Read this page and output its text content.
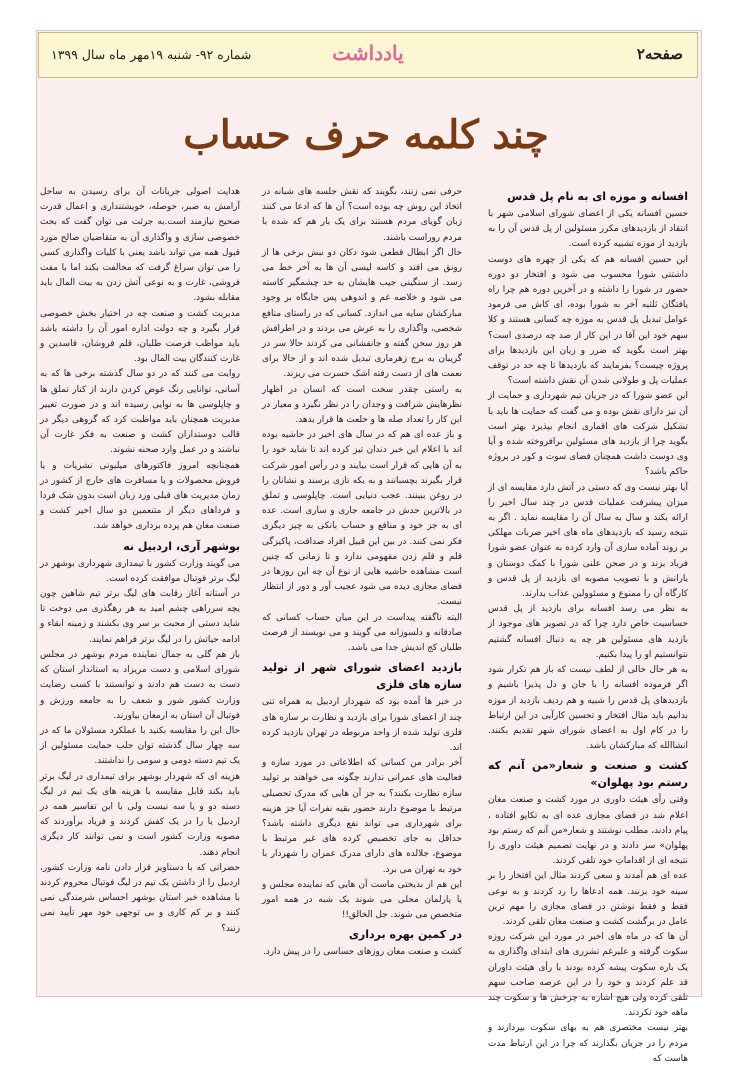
صفحه۲
یادداشت
شماره ۹۲- شنبه ۱۹مهر ماه سال ۱۳۹۹
چند کلمه حرف حساب
افسانه و موزه ای به نام پل قدس

حسین افسانه یکی از اعضای شورای اسلامی شهر با انتقاد از بازدیدهای مکرر مسئولین از پل قدس آن را به بازدید از موزه تشبیه کرده است.

این حسین افسانه هم که یکی از چهره های دوست داشتنی شورا محسوب می شود و افتخار دو دوره حضور در شورا را داشته و در آخرین دوره هم چرا راه یافتگان ثلثیه آخر به شورا بوده، ای کاش می فرمود عوامل تبدیل پل قدس به موزه چه کسانی هستند و کلا سهم خود این آقا در این کار از صد چه درصدی است؟بهتر است بگوید که ضرر و زیان این بازدیدها برای پروژه چیست؟ بفرمایند که بازدیدها تا چه حد در توقف عملیات پل و طولانی شدن آن نقش داشته است؟

این عضو شورا که در جریان تیم شهرداری و حمایت از آن نیز دارای نقش بوده و می گفت که حمایت ها باید با تشکیل شرکت های اقماری انجام بپذیرد بهتر است بگوید چرا از بازدید های مسئولین برافروخته شده و آیا وی دوست داشت همچنان فضای سوت و کور در پروژه حاکم باشد؟

آیا بهتر نیست وی که دستی در آتش دارد مقایسه ای از میزان پیشرفت عملیات قدس در چند سال اخیر را ارائه بکند و سال به سال آن را مقایسه نماید . اگر به نتیجه رسید که بازدیدهای ماه های اخیر ضربات مهلکی بر روند آماده سازی آن وارد کرده به عنوان عضو شورا فریاد بزند و در صحن علنی شورا با کمک دوستان و یارانش و با تصویب مصوبه ای بازدید از پل قدس و کارگاه آن را ممنوع و مسئوولین عذاب بدارند.

به نظر می رسد افسانه برای بازدید از پل قدس حساسیت خاص دارد چرا که در تصویر های موجود از بازدید های مسئولین هر چه به دنبال افسانه گشتیم نتوانستیم او را پیدا بکنیم.

به هر حال خالی از لطف نیست که باز هم تکرار شود اگر فرموده افسانه را با جان و دل پذیرا باشیم و بازدیدهای پل قدس را شبیه و هم ردیف بازدید از موزه بدانیم باید مثال افتخار و تحسین کارآیی در این ارتباط را در کام اول به اعضای شورای شهر تقدیم بکنند. انشاالله که مبارکشان باشد.

کشت و صنعت و شعار«من آنم که رستم بود پهلوان»

وقتی رأی هیئت داوری در مورد کشت و صنعت مغان اعلام شد در فضای مجازی عده ای به تکاپو افتاده ، پیام دادند، مطلب نوشتند و شعار«من آنم که رستم بود پهلوان» سر دادند و در نهایت تصمیم هیئت داوری را نتیجه ای از اقداماتِ خود تلقی کردند.

عده ای هم آمدند و سعی کردند مثال این افتخار را بر سینه خود بزنند. همه ادعاها را رد کردند و به نوعی فقط و فقط نوشتن در فضای مجازی را مهم ترین عامل در برگشت کشت و صنعت مغان تلقی کردند.

آن ها که در ماه های اخیر در مورد این شرکت روزه سکوت گرفته و علیرغم تشرری های ابتدای واگذاری به یک باره سکوت پیشه کرده بودند با رأی هیئت داوران قد علم کردند و خود را در این عرصه صاحب سهم تلقی کرده ولی هیچ اشاره به چرخش ها و سکوت چند ماهه خود نکردند.

بهتر نیست مختصری هم به بهای سکوت بپردازند و مردم را در جریان بگذارند که چرا در این ارتباط مدت هاست که

حرفی نمی زنند، بگویند که نقش جلسه های شبانه در اتخاذ این روش چه بوده است؟ آن ها که ادعا می کنند زبان گویای مردم هستند برای یک بار هم که شده با مردم روراست باشند.

حال اگر ابطال قطعی شود دکان دو نبش برخی ها از رونق می افتد و کاسه لیسی آن ها به آخر خط می رسد. از سنگینی جیب هایشان به حد چشمگیر کاسته می شود و خلاصه غم و اندوهی پس جایگاه بر وجود مبارکشان سایه می اندازد. کسانی که در راستای منافع شخصی، واگذاری را به عرش می بردند و در اطرافش هر روز سخن گفته و جانفشانی می کردند حالا سر در گریبان به برج زهرماری تبدیل شده اند و از حالا برای نعمت های از دست رفته اشک حسرت می ریزند.

به راستی چقدر سخت است که انسان در اظهار نظرهایش شرافت و وجدان را در نظر نگیرد و معیار در این کار را تعداد صله ها و خلعت ها قرار بدهد.

و باز عده ای هم که در سال های اخیر در حاشیه بوده اند با اعلام این خبر دندان تیز کرده اند تا شاید خود را به آن هایی که قرار است بیایند و در رأس امور شرکت قرار بگیرند بچسبانند و به یکه تازی برسند و نشانان را در روغن ببینند. عجب دنیایی است. چاپلوسی و تملق در بالاترین حدش در جامعه جاری و ساری است. عده ای به جز خود و منافع و حساب بانکی به چیز دیگری فکر نمی کنند. در بین این قبیل افراد صداقت، پاکیزگی قلم و قلم زدن مفهومی ندارد و تا زمانی که چنین است مشاهده حاشیه هایی از نوع آن چه این روزها در فضای مجازی دیده می شود عجیب آور و دور از انتظار نیست.

البته ناگفته پیداست در این میان حساب کسانی که صادقانه و دلسوزانه می گویند و می نویسند از فرصت طلبان کج اندیش جدا می باشد.

بازدید اعضای شورای شهر از تولید سازه های فلزی

در خبر ها آمده بود که شهردار اردبیل به همراه تنی چند از اعضای شورا برای بازدید و نظارت بر سازه های فلزی تولید شده از واحد مربوطه در تهران بازدید کرده اند.

آخر برادر من کسانی که اطلاعاتی در مورد سازه و فعالیت های عمرانی ندارند چگونه می خواهند بر تولید سازه نظارت بکنند؟ به جز آن هایی که مدرک تحصیلی مرتبط با موضوع دارند حضور بقیه نفرات آیا جز هزینه برای شهرداری می تواند نفع دیگری داشته باشد؟حداقل به جای تخصیص کرده های غیر مرتبط با موضوع، جلالده های دارای مدرک عمران را شهردار با خود به تهران می برد.

این هم از بدیختی ماست آن هایی که نماینده مجلس و یا پارلمان محلی می شوند یک شبه در همه امور متخصص می شوند. جل الخالق!!

در کمین بهره برداری

کشت و صنعت مغان روزهای حساسی را در پیش دارد.

هدایت اصولی جریانات آن برای رسیدن به ساحل آرامش به صبر، حوصله، خویشتنداری و اعمال قدرت صحیح نیازمند است.به جرئت می توان گفت که بحث خصوصی سازی و واگذاری آن به متقاضیان صالح مورد قبول همه می تواند باشد یعنی با کلیات واگذاری کسی را می توان سراغ گرفت که مخالفت بکند اما با مفت فروشی، غارت و به نوعی آتش زدن به بیت المال باید مقابله بشود.

مدیریت کشت و صنعت چه در اختیار بخش خصوصی قرار بگیرد و چه دولت اداره امور آن را داشته باشد باید مواظب فرصت طلبان، قلم فروشان، فاسدین و غارت کنندگان بیت المال بود.

روایت می کنند که در دو سال گذشته برخی ها که به آسانی، توانایی رنگ عوض کردن دارند از کنار تملق ها و چاپلوسی ها به نوایی رسیده اند و در صورت تغییر مدیریت همچنان باید مواظبت کرد که گروهی دیگر در قالب دوستداران کشت و صنعت به فکر غارت آن نباشند و در عمل وارد صحنه نشوند.

همچنانچه امروز فاکتورهای میلیونی نشریات و یا فروش محصولات و یا مسافرت های خارج از کشور در زمان مدیریت های قبلی ورد زبان است بدون شک فردا و فرداهای دیگر از متنعمین دو سال اخیر کشت و صنعت مغان هم پرده برداری خواهد شد.

بوشهر آری، اردبیل نه

می گویند وزارت کشور با تیمداری شهرداری بوشهر در لیگ برتر فوتبال موافقت کرده است.

در آستانه آغاز رقابت های لیگ برتر تیم شاهین چون یچه سرراهی چشم امید به هر رهگذری می دوخت تا شاید دستی از محبت بر سر وی بکشند و زمینه ابقاء و ادامه حیاتش را در لیگ برتر فراهم نمایند.

باز هم گلی به جمال نماینده مردم بوشهر در مجلس شورای اسلامی و دست مریزاد به استاندار استان که دست به دست هم دادند و توانستند با کسب رضایت وزارت کشور شور و شعف را به جامعه ورزش و فوتبال آن استان به ارمغان بیاورند.

حال این را مقایسه بکنید با عملکرد مسئولان ما که در سه چهار سال گذشته توان جلب حمایت مسئولین از یک تیم دسته دومی و سومی را نداشتند.

هزینه ای که شهردار بوشهر برای تیمداری در لیگ برتر باید بکند قابل مقایسه با هزینه های یک تیم در لیگ دسته دو و یا سه نیست ولی با این تفاسیر همه در اردبیل یا را در یک کفش کردند و فریاد برآوردند که مصوبه وزارت کشور است و نمی توانند کار دیگری انجام دهند.

حضراتی که با دستاویز قرار دادن نامه وزارت کشور، اردبیل را از داشتن یک تیم در لیگ فوتبال محروم کردند با مشاهده خبر استان بوشهر احساس شرمندگی نمی کنند و بر کم کاری و بی توجهی خود مهر تأیید نمی زنند؟
